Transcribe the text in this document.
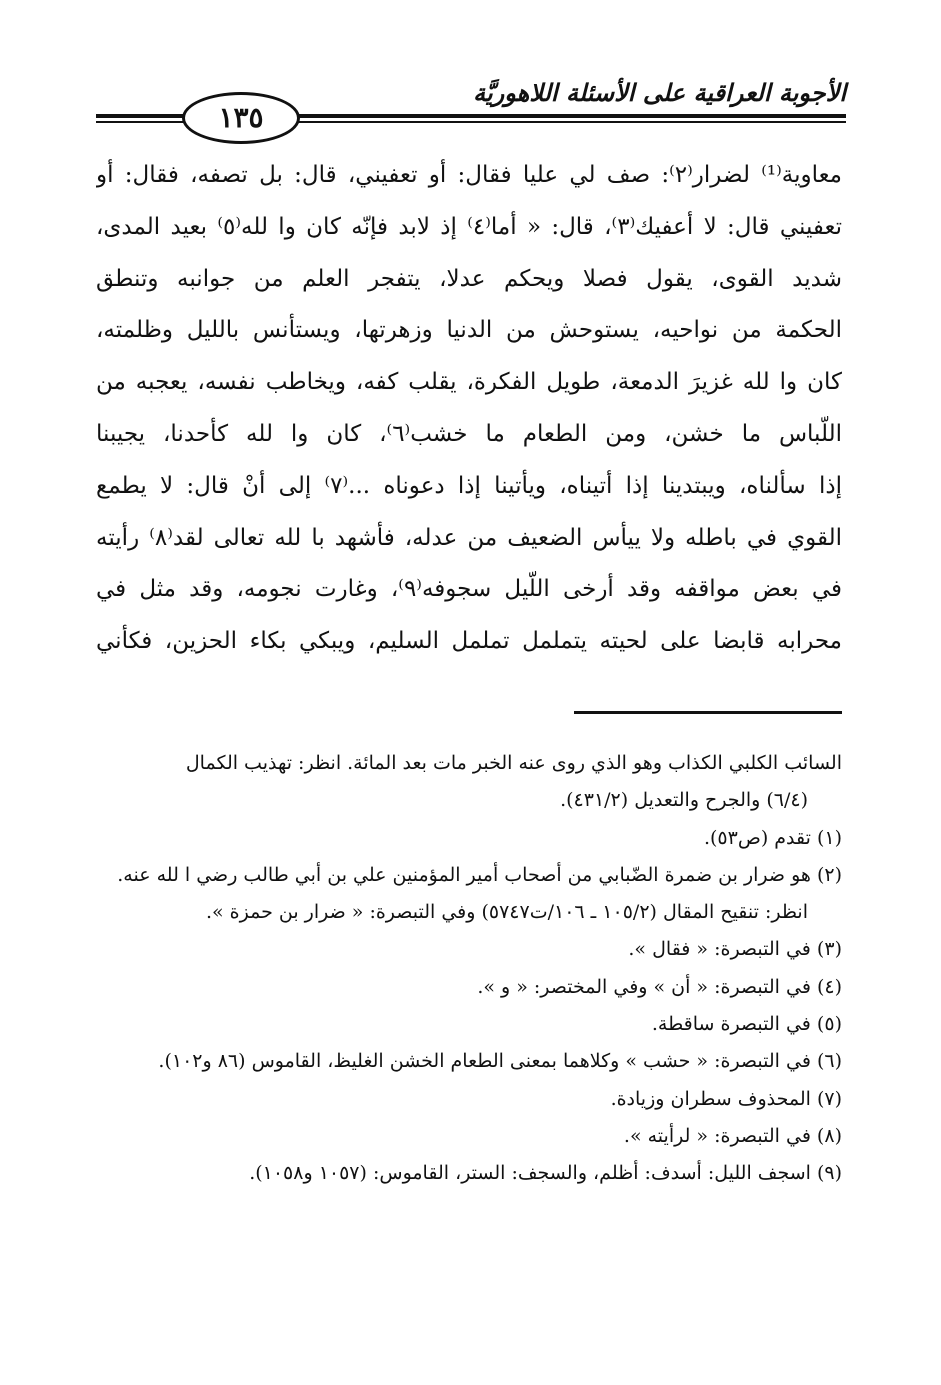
الأجوبة العراقية على الأسئلة اللاهوريَّة
١٣٥
معاوية⁽¹⁾ لضرار⁽٢⁾: صف لي عليا فقال: أو تعفيني، قال: بل تصفه، فقال: أو
تعفيني قال: لا أعفيك⁽٣⁾، قال: « أما⁽٤⁾ إذ لابد فإنّه كان وا لله⁽٥⁾ بعيد المدى،
شديد القوى، يقول فصلا ويحكم عدلا، يتفجر العلم من جوانبه وتنطق
الحكمة من نواحيه، يستوحش من الدنيا وزهرتها، ويستأنس بالليل وظلمته،
كان وا لله غزيرَ الدمعة، طويل الفكرة، يقلب كفه، ويخاطب نفسه، يعجبه من
اللّباس ما خشن، ومن الطعام ما خشب⁽٦⁾، كان وا لله كأحدنا، يجيبنا
إذا سألناه، ويبتدينا إذا أتيناه، ويأتينا إذا دعوناه ...⁽٧⁾ إلى أنْ قال: لا يطمع
القوي في باطله ولا ييأس الضعيف من عدله، فأشهد با لله تعالى لقد⁽٨⁾ رأيته
في بعض مواقفه وقد أرخى اللّيل سجوفه⁽٩⁾، وغارت نجومه، وقد مثل في
محرابه قابضا على لحيته يتململ تململ السليم، ويبكي بكاء الحزين، فكأني
السائب الكلبي الكذاب وهو الذي روى عنه الخبر مات بعد المائة. انظر: تهذيب الكمال
(٦/٤) والجرح والتعديل (٤٣١/٢).
(١) تقدم (ص٥٣).
(٢) هو ضرار بن ضمرة الضّبابي من أصحاب أمير المؤمنين علي بن أبي طالب رضي ا لله عنه.
انظر: تنقيح المقال (١٠٥/٢ ـ ١٠٦/ت٥٧٤٧) وفي التبصرة: « ضرار بن حمزة ».
(٣) في التبصرة: « فقال ».
(٤) في التبصرة: « أن » وفي المختصر: « و ».
(٥) في التبصرة ساقطة.
(٦) في التبصرة: « حشب » وكلاهما بمعنى الطعام الخشن الغليظ، القاموس (٨٦ و١٠٢).
(٧) المحذوف سطران وزيادة.
(٨) في التبصرة: « لرأيته ».
(٩) اسجف الليل: أسدف: أظلم، والسجف: الستر، القاموس: (١٠٥٧ و١٠٥٨).
